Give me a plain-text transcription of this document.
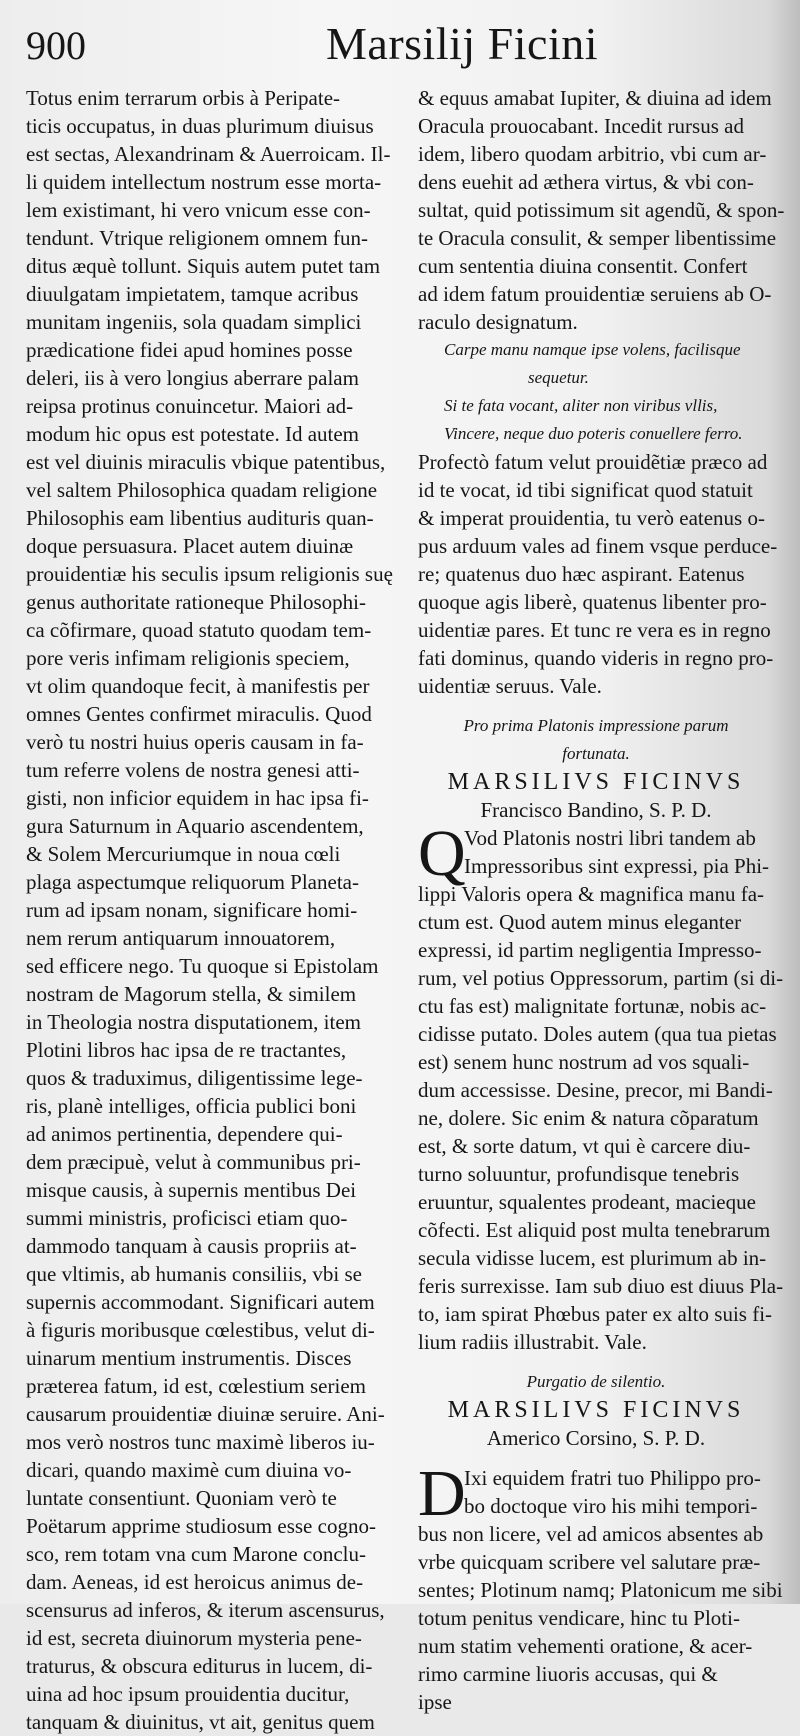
900	Marsilij Ficini
Totus enim terrarum orbis à Peripate-
ticis occupatus, in duas plurimum diuisus
est sectas, Alexandrinam & Auerroicam. Il-
li quidem intellectum nostrum esse morta-
lem existimant, hi vero vnicum esse con-
tendunt. Vtrique religionem omnem fun-
ditus æquè tollunt. Siquis autem putet tam
diuulgatam impietatem, tamque acribus
munitam ingeniis, sola quadam simplici
prædicatione fidei apud homines posse
deleri, iis à vero longius aberrare palam
reipsa protinus conuincetur. Maiori ad-
modum hic opus est potestate. Id autem
est vel diuinis miraculis vbique patentibus,
vel saltem Philosophica quadam religione
Philosophis eam libentius audituris quan-
doque persuasura. Placet autem diuinæ
prouidentiæ his seculis ipsum religionis suę
genus authoritate rationeque Philosophi-
ca cõfirmare, quoad statuto quodam tem-
pore veris infimam religionis speciem,
vt olim quandoque fecit, à manifestis per
omnes Gentes confirmet miraculis. Quod
verò tu nostri huius operis causam in fa-
tum referre volens de nostra genesi atti-
gisti, non inficior equidem in hac ipsa fi-
gura Saturnum in Aquario ascendentem,
& Solem Mercuriumque in noua cœli
plaga aspectumque reliquorum Planeta-
rum ad ipsam nonam, significare homi-
nem rerum antiquarum innouatorem,
sed efficere nego. Tu quoque si Epistolam
nostram de Magorum stella, & similem
in Theologia nostra disputationem, item
Plotini libros hac ipsa de re tractantes,
quos & traduximus, diligentissime lege-
ris, planè intelliges, officia publici boni
ad animos pertinentia, dependere qui-
dem præcipuè, velut à communibus pri-
misque causis, à supernis mentibus Dei
summi ministris, proficisci etiam quo-
dammodo tanquam à causis propriis at-
que vltimis, ab humanis consiliis, vbi se
supernis accommodant. Significari autem
à figuris moribusque cœlestibus, velut di-
uinarum mentium instrumentis. Disces
præterea fatum, id est, cœlestium seriem
causarum prouidentiæ diuinæ seruire. Ani-
mos verò nostros tunc maximè liberos iu-
dicari, quando maximè cum diuina vo-
luntate consentiunt. Quoniam verò te
Poëtarum apprime studiosum esse cogno-
sco, rem totam vna cum Marone conclu-
dam. Aeneas, id est heroicus animus de-
scensurus ad inferos, & iterum ascensurus,
id est, secreta diuinorum mysteria pene-
traturus, & obscura editurus in lucem, di-
uina ad hoc ipsum prouidentia ducitur,
tanquam & diuinitus, vt ait, genitus quem
& equus amabat Iupiter, & diuina ad idem
Oracula prouocabant. Incedit rursus ad
idem, libero quodam arbitrio, vbi cum ar-
dens euehit ad æthera virtus, & vbi con-
sultat, quid potissimum sit agendũ, & spon-
te Oracula consulit, & semper libentissime
cum sententia diuina consentit. Confert
ad idem fatum prouidentiæ seruiens ab O-
raculo designatum.
Carpe manu namque ipse volens, facilisque
sequetur.
Si te fata vocant, aliter non viribus vllis,
Vincere, neque duo poteris conuellere ferro.
Profectò fatum velut prouidẽtiæ præco ad
id te vocat, id tibi significat quod statuit
& imperat prouidentia, tu verò eatenus o-
pus arduum vales ad finem vsque perduce-
re; quatenus duo hæc aspirant. Eatenus
quoque agis liberè, quatenus libenter pro-
uidentiæ pares. Et tunc re vera es in regno
fati dominus, quando videris in regno pro-
uidentiæ seruus. Vale.
Pro prima Platonis impressione parum
fortunata.
MARSILIVS FICINVS
Francisco Bandino, S. P. D.
Q
Vod Platonis nostri libri tandem ab
Impressoribus sint expressi, pia Phi-
lippi Valoris opera & magnifica manu fa-
ctum est. Quod autem minus eleganter
expressi, id partim negligentia Impresso-
rum, vel potius Oppressorum, partim (si di-
ctu fas est) malignitate fortunæ, nobis ac-
cidisse putato. Doles autem (qua tua pietas
est) senem hunc nostrum ad vos squali-
dum accessisse. Desine, precor, mi Bandi-
ne, dolere. Sic enim & natura cõparatum
est, & sorte datum, vt qui è carcere diu-
turno soluuntur, profundisque tenebris
eruuntur, squalentes prodeant, macieque
cõfecti. Est aliquid post multa tenebrarum
secula vidisse lucem, est plurimum ab in-
feris surrexisse. Iam sub diuo est diuus Pla-
to, iam spirat Phœbus pater ex alto suis fi-
lium radiis illustrabit. Vale.
Purgatio de silentio.
MARSILIVS FICINVS
Americo Corsino, S. P. D.
D
Ixi equidem fratri tuo Philippo pro-
bo doctoque viro his mihi tempori-
bus non licere, vel ad amicos absentes ab
vrbe quicquam scribere vel salutare præ-
sentes; Plotinum namq; Platonicum me sibi
totum penitus vendicare, hinc tu Ploti-
num statim vehementi oratione, & acer-
rimo carmine liuoris accusas, qui &
ipse
